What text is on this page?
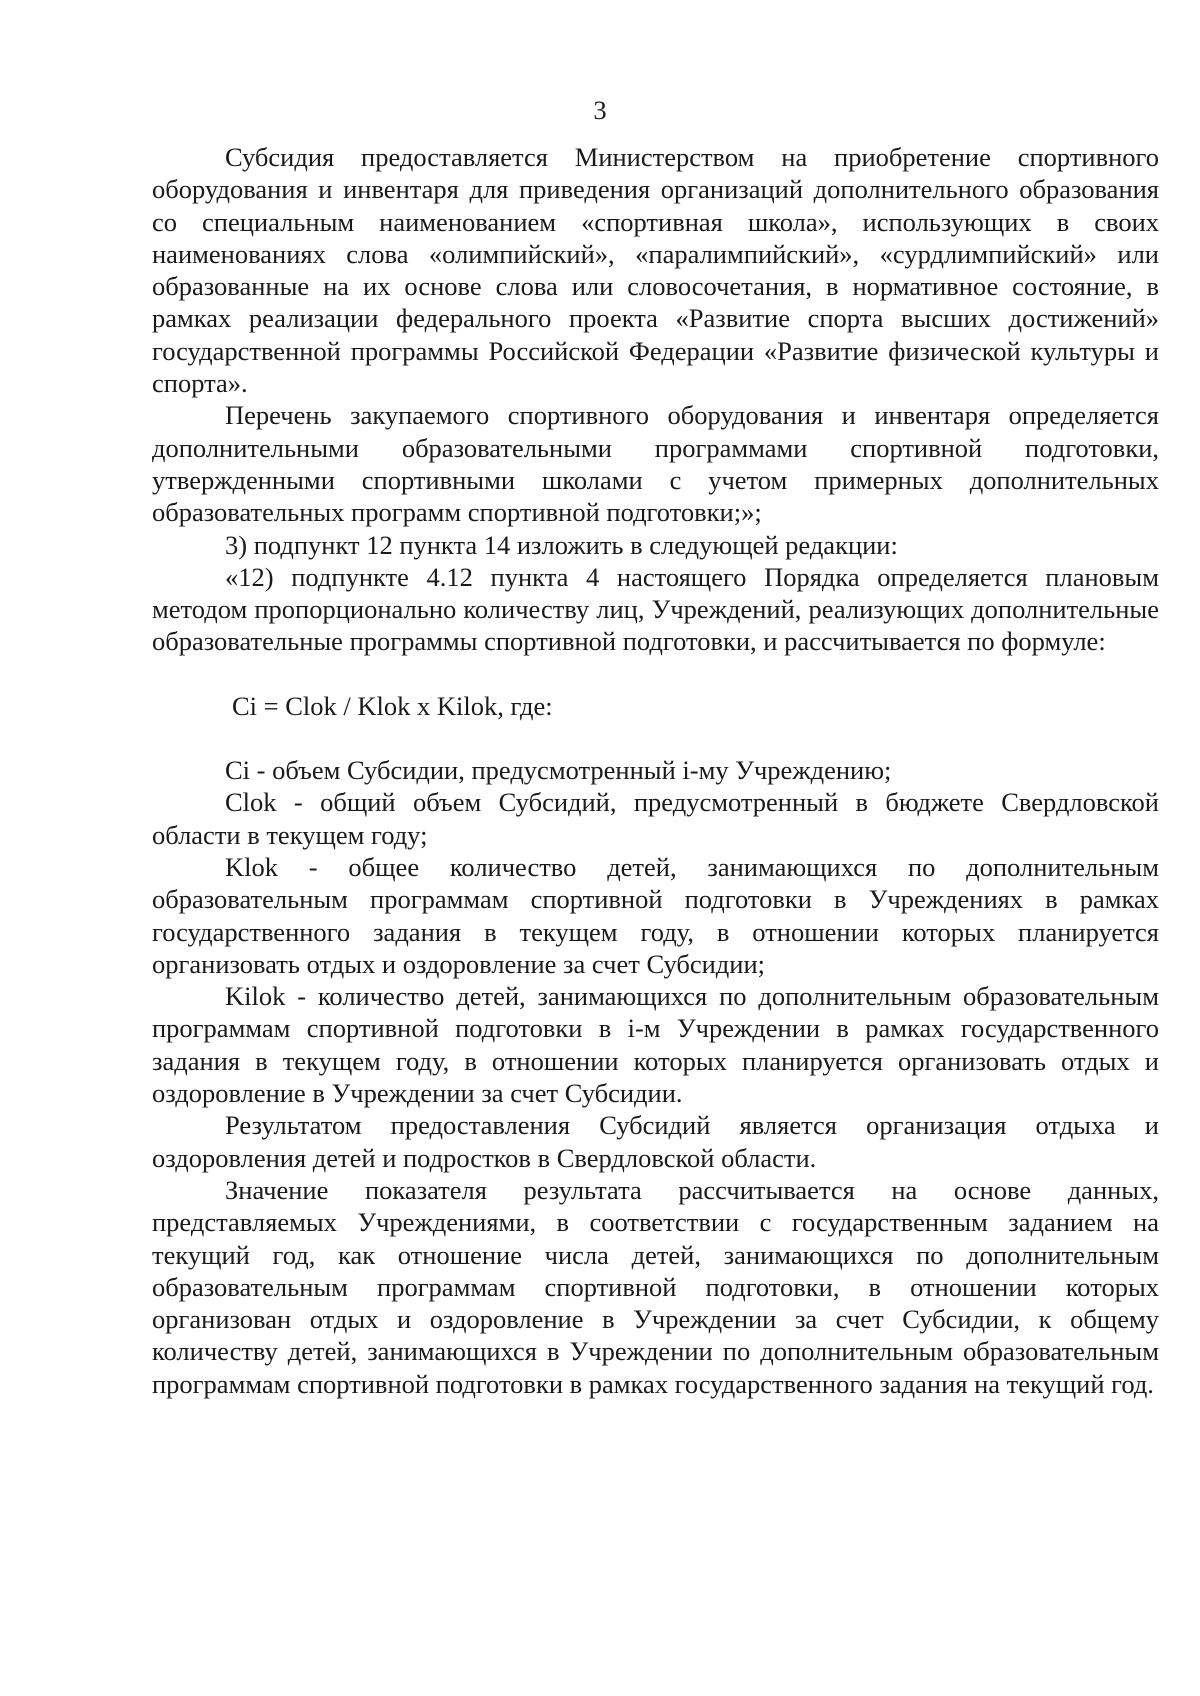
3

Субсидия предоставляется Министерством на приобретение спортивного оборудования и инвентаря для приведения организаций дополнительного образования со специальным наименованием «спортивная школа», использующих в своих наименованиях слова «олимпийский», «паралимпийский», «сурдлимпийский» или образованные на их основе слова или словосочетания, в нормативное состояние, в рамках реализации федерального проекта «Развитие спорта высших достижений» государственной программы Российской Федерации «Развитие физической культуры и спорта».

Перечень закупаемого спортивного оборудования и инвентаря определяется дополнительными образовательными программами спортивной подготовки, утвержденными спортивными школами с учетом примерных дополнительных образовательных программ спортивной подготовки;»;

3) подпункт 12 пункта 14 изложить в следующей редакции:

«12) подпункте 4.12 пункта 4 настоящего Порядка определяется плановым методом пропорционально количеству лиц, Учреждений, реализующих дополнительные образовательные программы спортивной подготовки, и рассчитывается по формуле:

Ci = Clok / Klok x Kilok, где:

Ci - объем Субсидии, предусмотренный i-му Учреждению;

Clok - общий объем Субсидий, предусмотренный в бюджете Свердловской области в текущем году;

Klok - общее количество детей, занимающихся по дополнительным образовательным программам спортивной подготовки в Учреждениях в рамках государственного задания в текущем году, в отношении которых планируется организовать отдых и оздоровление за счет Субсидии;

Kilok - количество детей, занимающихся по дополнительным образовательным программам спортивной подготовки в i-м Учреждении в рамках государственного задания в текущем году, в отношении которых планируется организовать отдых и оздоровление в Учреждении за счет Субсидии.

Результатом предоставления Субсидий является организация отдыха и оздоровления детей и подростков в Свердловской области.

Значение показателя результата рассчитывается на основе данных, представляемых Учреждениями, в соответствии с государственным заданием на текущий год, как отношение числа детей, занимающихся по дополнительным образовательным программам спортивной подготовки, в отношении которых организован отдых и оздоровление в Учреждении за счет Субсидии, к общему количеству детей, занимающихся в Учреждении по дополнительным образовательным программам спортивной подготовки в рамках государственного задания на текущий год.
